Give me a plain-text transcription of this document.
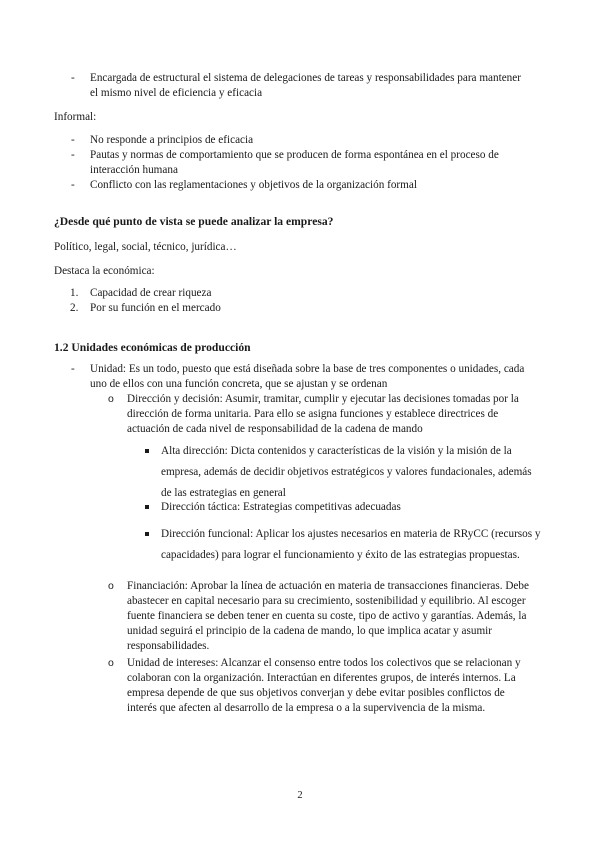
- Encargada de estructural el sistema de delegaciones de tareas y responsabilidades para mantener el mismo nivel de eficiencia y eficacia
Informal:
- No responde a principios de eficacia
- Pautas y normas de comportamiento que se producen de forma espontánea en el proceso de interacción humana
- Conflicto con las reglamentaciones y objetivos de la organización formal
¿Desde qué punto de vista se puede analizar la empresa?
Político, legal, social, técnico, jurídica…
Destaca la económica:
1. Capacidad de crear riqueza
2. Por su función en el mercado
1.2 Unidades económicas de producción
- Unidad: Es un todo, puesto que está diseñada sobre la base de tres componentes o unidades, cada uno de ellos con una función concreta, que se ajustan y se ordenan
o Dirección y decisión: Asumir, tramitar, cumplir y ejecutar las decisiones tomadas por la dirección de forma unitaria. Para ello se asigna funciones y establece directrices de actuación de cada nivel de responsabilidad de la cadena de mando
Alta dirección: Dicta contenidos y características de la visión y la misión de la empresa, además de decidir objetivos estratégicos y valores fundacionales, además de las estrategias en general
Dirección táctica: Estrategias competitivas adecuadas
Dirección funcional: Aplicar los ajustes necesarios en materia de RRyCC (recursos y capacidades) para lograr el funcionamiento y éxito de las estrategias propuestas.
o Financiación: Aprobar la línea de actuación en materia de transacciones financieras. Debe abastecer en capital necesario para su crecimiento, sostenibilidad y equilibrio. Al escoger fuente financiera se deben tener en cuenta su coste, tipo de activo y garantías. Además, la unidad seguirá el principio de la cadena de mando, lo que implica acatar y asumir responsabilidades.
o Unidad de intereses: Alcanzar el consenso entre todos los colectivos que se relacionan y colaboran con la organización. Interactúan en diferentes grupos, de interés internos. La empresa depende de que sus objetivos converjan y debe evitar posibles conflictos de interés que afecten al desarrollo de la empresa o a la supervivencia de la misma.
2
